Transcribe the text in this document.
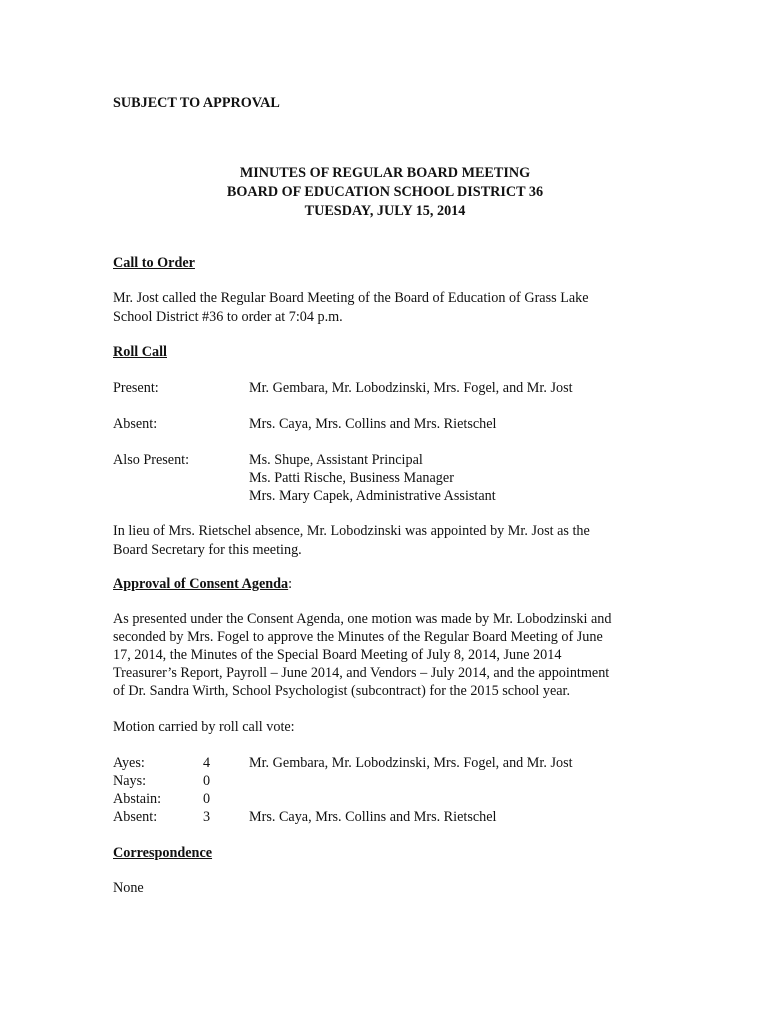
SUBJECT TO APPROVAL
MINUTES OF REGULAR BOARD MEETING
BOARD OF EDUCATION SCHOOL DISTRICT 36
TUESDAY, JULY 15, 2014
Call to Order
Mr. Jost called the Regular Board Meeting of the Board of Education of Grass Lake
School District #36 to order at 7:04 p.m.
Roll Call
Present:	Mr. Gembara, Mr. Lobodzinski, Mrs. Fogel, and Mr. Jost
Absent:	Mrs. Caya, Mrs. Collins and Mrs. Rietschel
Also Present:	Ms. Shupe, Assistant Principal
Ms. Patti Rische, Business Manager
Mrs. Mary Capek, Administrative Assistant
In lieu of Mrs. Rietschel absence, Mr. Lobodzinski was appointed by Mr. Jost as the
Board Secretary for this meeting.
Approval of Consent Agenda:
As presented under the Consent Agenda, one motion was made by Mr. Lobodzinski and
seconded by Mrs. Fogel to approve the Minutes of the Regular Board Meeting of June
17, 2014, the Minutes of the Special Board Meeting of July 8, 2014, June 2014
Treasurer’s Report, Payroll – June 2014, and Vendors – July 2014, and the appointment
of Dr. Sandra Wirth, School Psychologist (subcontract) for the 2015 school year.
Motion carried by roll call vote:
Ayes:	4	Mr. Gembara, Mr. Lobodzinski, Mrs. Fogel, and Mr. Jost
Nays:	0
Abstain:	0
Absent:	3	Mrs. Caya, Mrs. Collins and Mrs. Rietschel
Correspondence
None
